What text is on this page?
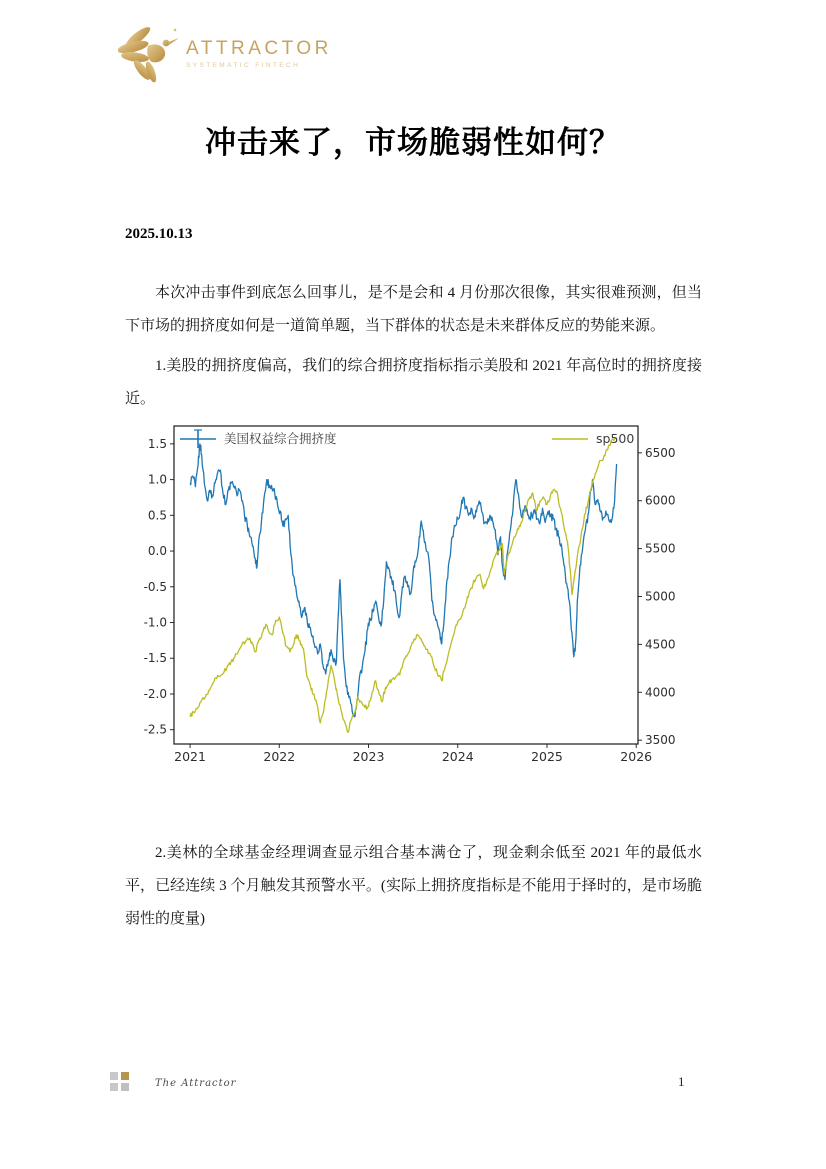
ATTRACTOR
SYSTEMATIC FINTECH
冲击来了，市场脆弱性如何？
2025.10.13

本次冲击事件到底怎么回事儿，是不是会和 4 月份那次很像，其实很难预测，但当下市场的拥挤度如何是一道简单题，当下群体的状态是未来群体反应的势能来源。

1.美股的拥挤度偏高，我们的综合拥挤度指标指示美股和 2021 年高位时的拥挤度接近。

2.美林的全球基金经理调查显示组合基本满仓了，现金剩余低至 2021 年的最低水平，已经连续 3 个月触发其预警水平。(实际上拥挤度指标是不能用于择时的，是市场脆弱性的度量)

1.5
1.0
0.5
0.0
-0.5
-1.0
-1.5
-2.0
-2.5
6500
6000
5500
5000
4500
4000
3500
2021	2022	2023	2024	2025	2026
美国权益综合拥挤度	sp500
The Attractor	1
